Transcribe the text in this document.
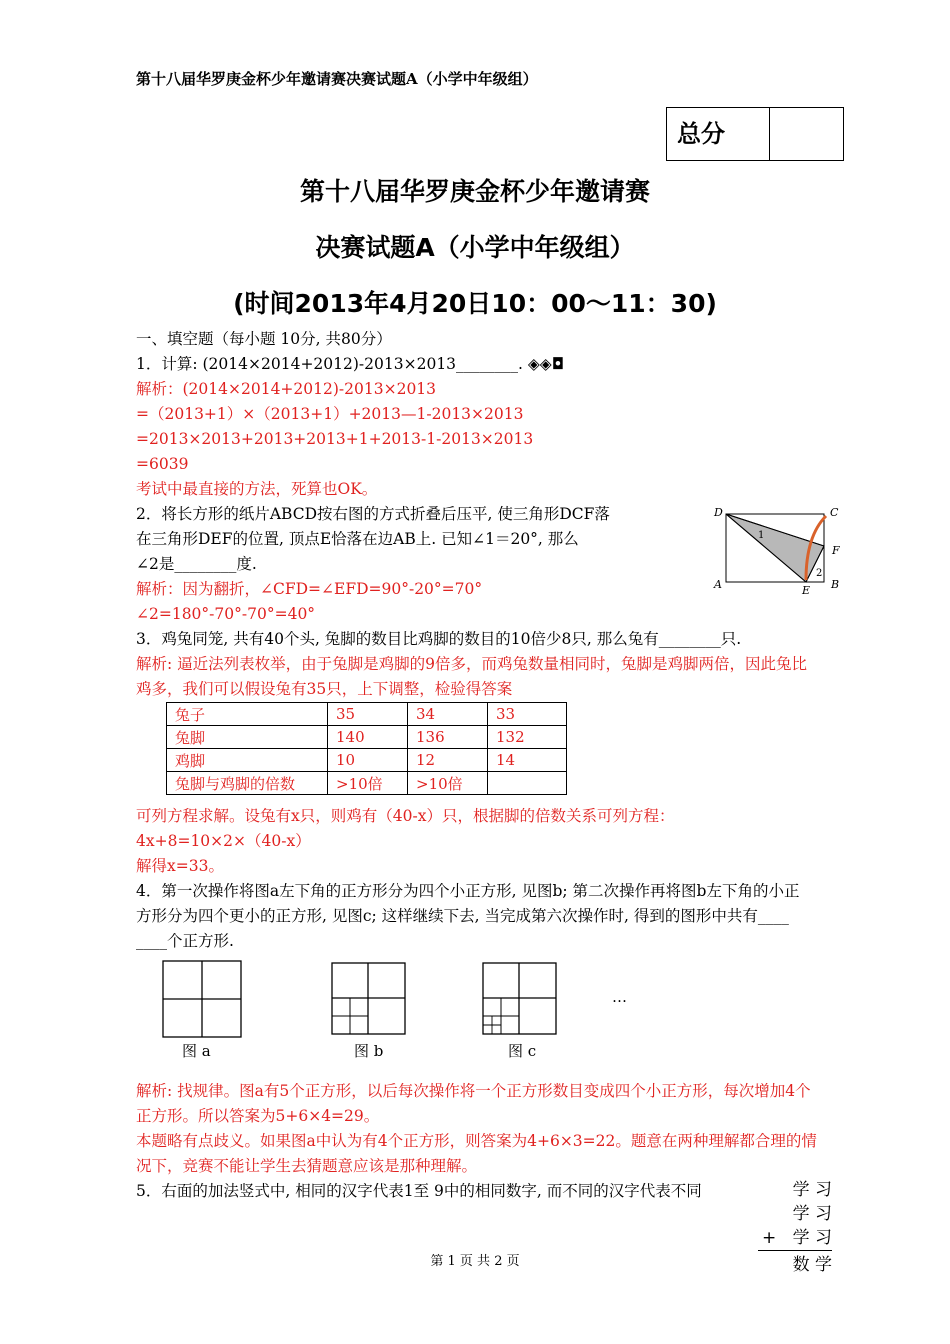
第十八届华罗庚金杯少年邀请赛决赛试题A（小学中年级组）
总分
第十八届华罗庚金杯少年邀请赛
决赛试题A（小学中年级组）
(时间2013年4月20日10：00～11：30)
一、填空题（每小题 10分, 共80分）
1．计算: (2014×2014+2012)-2013×2013________. ◈◈◘
解析：(2014×2014+2012)-2013×2013
=（2013+1）×（2013+1）+2013—1-2013×2013
=2013×2013+2013+2013+1+2013-1-2013×2013
=6039
考试中最直接的方法，死算也OK。
2．将长方形的纸片ABCD按右图的方式折叠后压平, 使三角形DCF落
在三角形DEF的位置, 顶点E恰落在边AB上. 已知∠1＝20°, 那么
∠2是________度.
解析：因为翻折，∠CFD=∠EFD=90°-20°=70°
∠2=180°-70°-70°=40°
D	C
A	B
E
F
1
2
3．鸡兔同笼, 共有40个头, 兔脚的数目比鸡脚的数目的10倍少8只, 那么兔有________只.
解析: 逼近法列表枚举，由于兔脚是鸡脚的9倍多，而鸡兔数量相同时，兔脚是鸡脚两倍，因此兔比
鸡多，我们可以假设兔有35只，上下调整，检验得答案
兔子	35	34	33
兔脚	140	136	132
鸡脚	10	12	14
兔脚与鸡脚的倍数	>10倍	>10倍	
可列方程求解。设兔有x只，则鸡有（40-x）只，根据脚的倍数关系可列方程：
4x+8=10×2×（40-x）
解得x=33。
4．第一次操作将图a左下角的正方形分为四个小正方形, 见图b; 第二次操作再将图b左下角的小正
方形分为四个更小的正方形, 见图c; 这样继续下去, 当完成第六次操作时, 得到的图形中共有____
____个正方形.
图 a	图 b	图 c
…
解析: 找规律。图a有5个正方形，以后每次操作将一个正方形数目变成四个小正方形，每次增加4个
正方形。所以答案为5+6×4=29。
本题略有点歧义。如果图a中认为有4个正方形，则答案为4+6×3=22。题意在两种理解都合理的情
况下，竞赛不能让学生去猜题意应该是那种理解。
5．右面的加法竖式中, 相同的汉字代表1至 9中的相同数字, 而不同的汉字代表不同	学 习
学 习
+ 学 习
数 学
第 1 页 共 2 页
